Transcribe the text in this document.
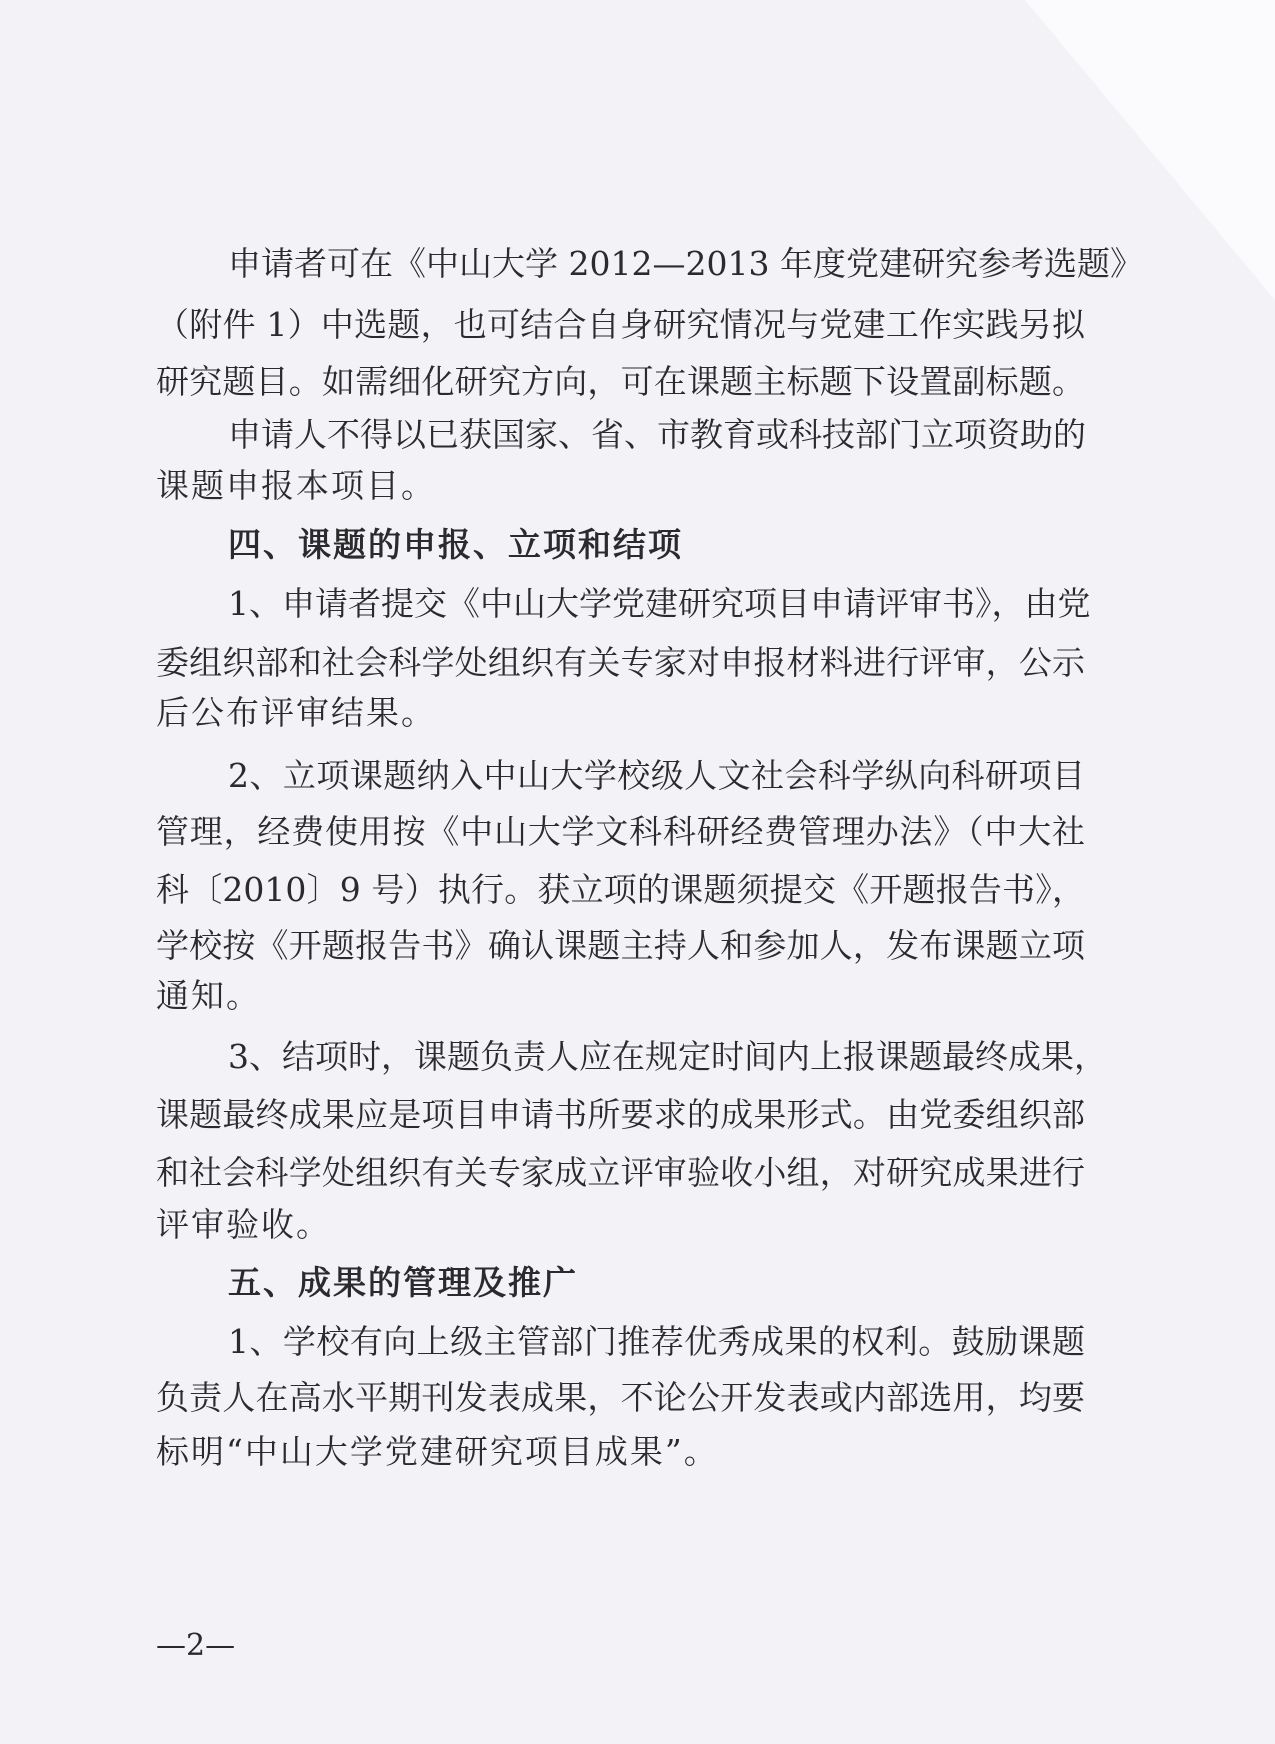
申请者可在《中山大学 2012—2013 年度党建研究参考选题》
（附件 1）中选题，也可结合自身研究情况与党建工作实践另拟
研究题目。如需细化研究方向，可在课题主标题下设置副标题。
申请人不得以已获国家、省、市教育或科技部门立项资助的
课题申报本项目。
四、课题的申报、立项和结项
1、申请者提交《中山大学党建研究项目申请评审书》，由党
委组织部和社会科学处组织有关专家对申报材料进行评审，公示
后公布评审结果。
2、立项课题纳入中山大学校级人文社会科学纵向科研项目
管理，经费使用按《中山大学文科科研经费管理办法》（中大社
科〔2010〕9 号）执行。获立项的课题须提交《开题报告书》，
学校按《开题报告书》确认课题主持人和参加人，发布课题立项
通知。
3、结项时，课题负责人应在规定时间内上报课题最终成果，
课题最终成果应是项目申请书所要求的成果形式。由党委组织部
和社会科学处组织有关专家成立评审验收小组，对研究成果进行
评审验收。
五、成果的管理及推广
1、学校有向上级主管部门推荐优秀成果的权利。鼓励课题
负责人在高水平期刊发表成果，不论公开发表或内部选用，均要
标明“中山大学党建研究项目成果”。
—2—
